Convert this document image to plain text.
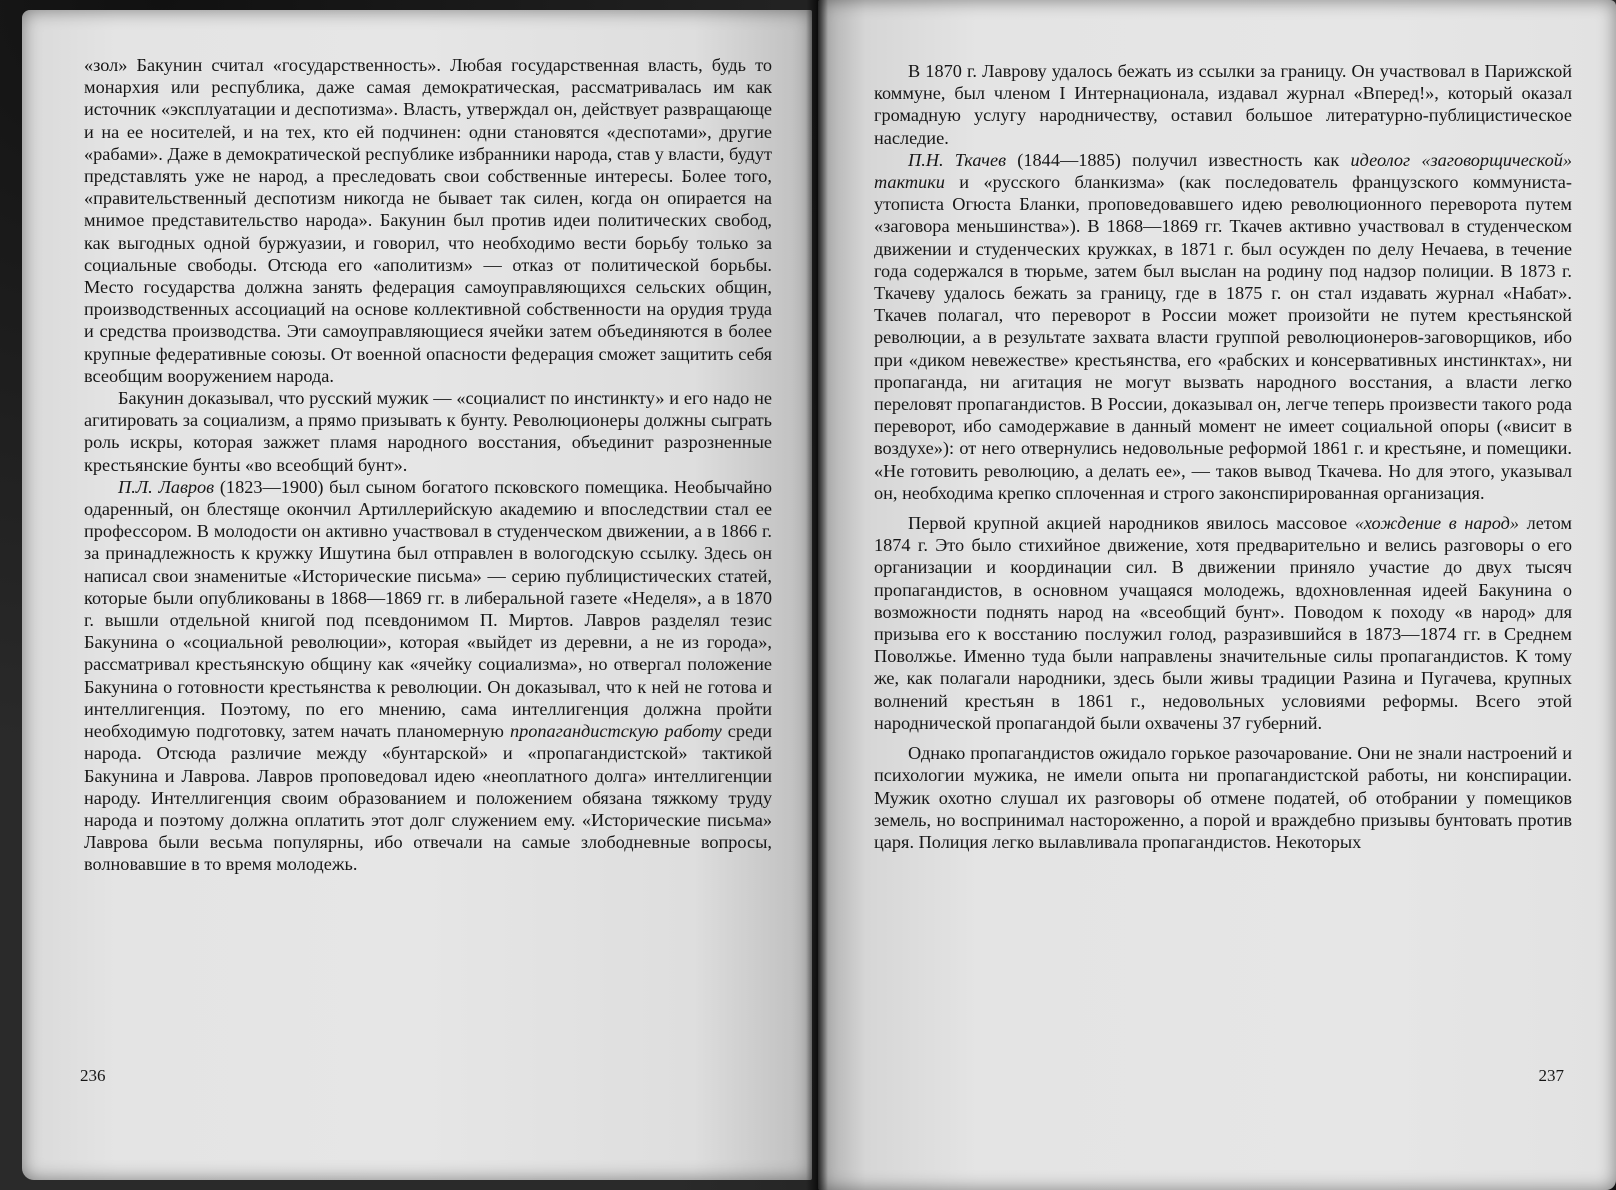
«зол» Бакунин считал «государственность». Любая государственная власть, будь то монархия или республика, даже самая демократическая, рассматривалась им как источник «эксплуатации и деспотизма». Власть, утверждал он, действует развращающе и на ее носителей, и на тех, кто ей подчинен: одни становятся «деспотами», другие «рабами». Даже в демократической республике избранники народа, став у власти, будут представлять уже не народ, а преследовать свои собственные интересы. Более того, «правительственный деспотизм никогда не бывает так силен, когда он опирается на мнимое представительство народа». Бакунин был против идеи политических свобод, как выгодных одной буржуазии, и говорил, что необходимо вести борьбу только за социальные свободы. Отсюда его «аполитизм» — отказ от политической борьбы. Место государства должна занять федерация самоуправляющихся сельских общин, производственных ассоциаций на основе коллективной собственности на орудия труда и средства производства. Эти самоуправляющиеся ячейки затем объединяются в более крупные федеративные союзы. От военной опасности федерация сможет защитить себя всеобщим вооружением народа.

Бакунин доказывал, что русский мужик — «социалист по инстинкту» и его надо не агитировать за социализм, а прямо призывать к бунту. Революционеры должны сыграть роль искры, которая зажжет пламя народного восстания, объединит разрозненные крестьянские бунты «во всеобщий бунт».

П.Л. Лавров (1823—1900) был сыном богатого псковского помещика. Необычайно одаренный, он блестяще окончил Артиллерийскую академию и впоследствии стал ее профессором. В молодости он активно участвовал в студенческом движении, а в 1866 г. за принадлежность к кружку Ишутина был отправлен в вологодскую ссылку. Здесь он написал свои знаменитые «Исторические письма» — серию публицистических статей, которые были опубликованы в 1868—1869 гг. в либеральной газете «Неделя», а в 1870 г. вышли отдельной книгой под псевдонимом П. Миртов. Лавров разделял тезис Бакунина о «социальной революции», которая «выйдет из деревни, а не из города», рассматривал крестьянскую общину как «ячейку социализма», но отвергал положение Бакунина о готовности крестьянства к революции. Он доказывал, что к ней не готова и интеллигенция. Поэтому, по его мнению, сама интеллигенция должна пройти необходимую подготовку, затем начать планомерную пропагандистскую работу среди народа. Отсюда различие между «бунтарской» и «пропагандистской» тактикой Бакунина и Лаврова. Лавров проповедовал идею «неоплатного долга» интеллигенции народу. Интеллигенция своим образованием и положением обязана тяжкому труду народа и поэтому должна оплатить этот долг служением ему. «Исторические письма» Лаврова были весьма популярны, ибо отвечали на самые злободневные вопросы, волновавшие в то время молодежь.

236

В 1870 г. Лаврову удалось бежать из ссылки за границу. Он участвовал в Парижской коммуне, был членом I Интернационала, издавал журнал «Вперед!», который оказал громадную услугу народничеству, оставил большое литературно-публицистическое наследие.

П.Н. Ткачев (1844—1885) получил известность как идеолог «заговорщической» тактики и «русского бланкизма» (как последователь французского коммуниста-утописта Огюста Бланки, проповедовавшего идею революционного переворота путем «заговора меньшинства»). В 1868—1869 гг. Ткачев активно участвовал в студенческом движении и студенческих кружках, в 1871 г. был осужден по делу Нечаева, в течение года содержался в тюрьме, затем был выслан на родину под надзор полиции. В 1873 г. Ткачеву удалось бежать за границу, где в 1875 г. он стал издавать журнал «Набат». Ткачев полагал, что переворот в России может произойти не путем крестьянской революции, а в результате захвата власти группой революционеров-заговорщиков, ибо при «диком невежестве» крестьянства, его «рабских и консервативных инстинктах», ни пропаганда, ни агитация не могут вызвать народного восстания, а власти легко переловят пропагандистов. В России, доказывал он, легче теперь произвести такого рода переворот, ибо самодержавие в данный момент не имеет социальной опоры («висит в воздухе»): от него отвернулись недовольные реформой 1861 г. и крестьяне, и помещики. «Не готовить революцию, а делать ее», — таков вывод Ткачева. Но для этого, указывал он, необходима крепко сплоченная и строго законспирированная организация.

Первой крупной акцией народников явилось массовое «хождение в народ» летом 1874 г. Это было стихийное движение, хотя предварительно и велись разговоры о его организации и координации сил. В движении приняло участие до двух тысяч пропагандистов, в основном учащаяся молодежь, вдохновленная идеей Бакунина о возможности поднять народ на «всеобщий бунт». Поводом к походу «в народ» для призыва его к восстанию послужил голод, разразившийся в 1873—1874 гг. в Среднем Поволжье. Именно туда были направлены значительные силы пропагандистов. К тому же, как полагали народники, здесь были живы традиции Разина и Пугачева, крупных волнений крестьян в 1861 г., недовольных условиями реформы. Всего этой народнической пропагандой были охвачены 37 губерний.

Однако пропагандистов ожидало горькое разочарование. Они не знали настроений и психологии мужика, не имели опыта ни пропагандистской работы, ни конспирации. Мужик охотно слушал их разговоры об отмене податей, об отобрании у помещиков земель, но воспринимал настороженно, а порой и враждебно призывы бунтовать против царя. Полиция легко вылавливала пропагандистов. Некоторых

237
